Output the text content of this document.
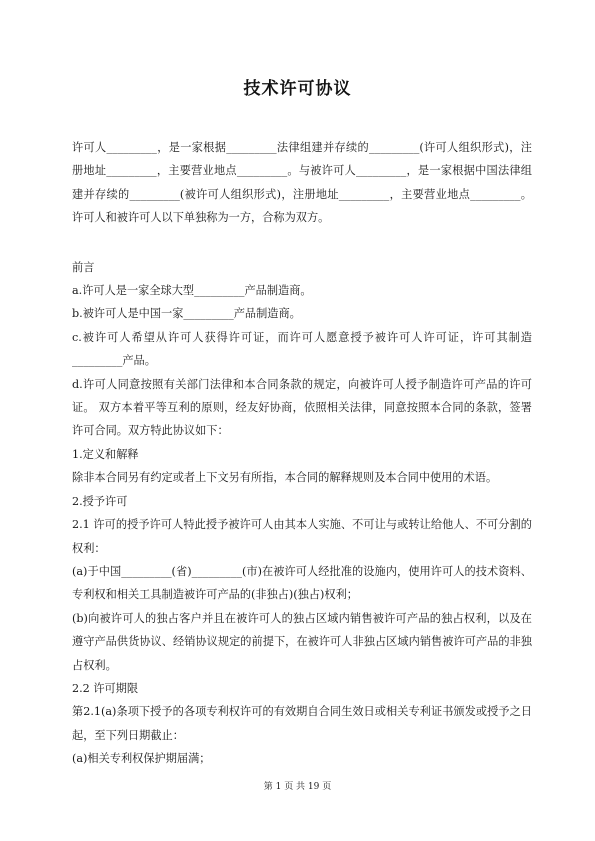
技术许可协议

许可人_________，是一家根据_________法律组建并存续的_________(许可人组织形式)，注册地址_________，主要营业地点_________。与被许可人_________，是一家根据中国法律组建并存续的_________(被许可人组织形式)，注册地址_________，主要营业地点_________。许可人和被许可人以下单独称为一方，合称为双方。

前言

a.许可人是一家全球大型_________产品制造商。

b.被许可人是中国一家_________产品制造商。

c.被许可人希望从许可人获得许可证，而许可人愿意授予被许可人许可证，许可其制造_________产品。

d.许可人同意按照有关部门法律和本合同条款的规定，向被许可人授予制造许可产品的许可证。 双方本着平等互利的原则，经友好协商，依照相关法律，同意按照本合同的条款，签署许可合同。双方特此协议如下：

1.定义和解释

除非本合同另有约定或者上下文另有所指，本合同的解释规则及本合同中使用的术语。

2.授予许可

2.1 许可的授予许可人特此授予被许可人由其本人实施、不可让与或转让给他人、不可分割的权利：

(a)于中国_________(省)_________(市)在被许可人经批准的设施内，使用许可人的技术资料、专利权和相关工具制造被许可产品的(非独占)(独占)权利；

(b)向被许可人的独占客户并且在被许可人的独占区域内销售被许可产品的独占权利，以及在遵守产品供货协议、经销协议规定的前提下，在被许可人非独占区域内销售被许可产品的非独占权利。

2.2 许可期限

第2.1(a)条项下授予的各项专利权许可的有效期自合同生效日或相关专利证书颁发或授予之日起，至下列日期截止：

(a)相关专利权保护期届满；

第 1 页 共 19 页
